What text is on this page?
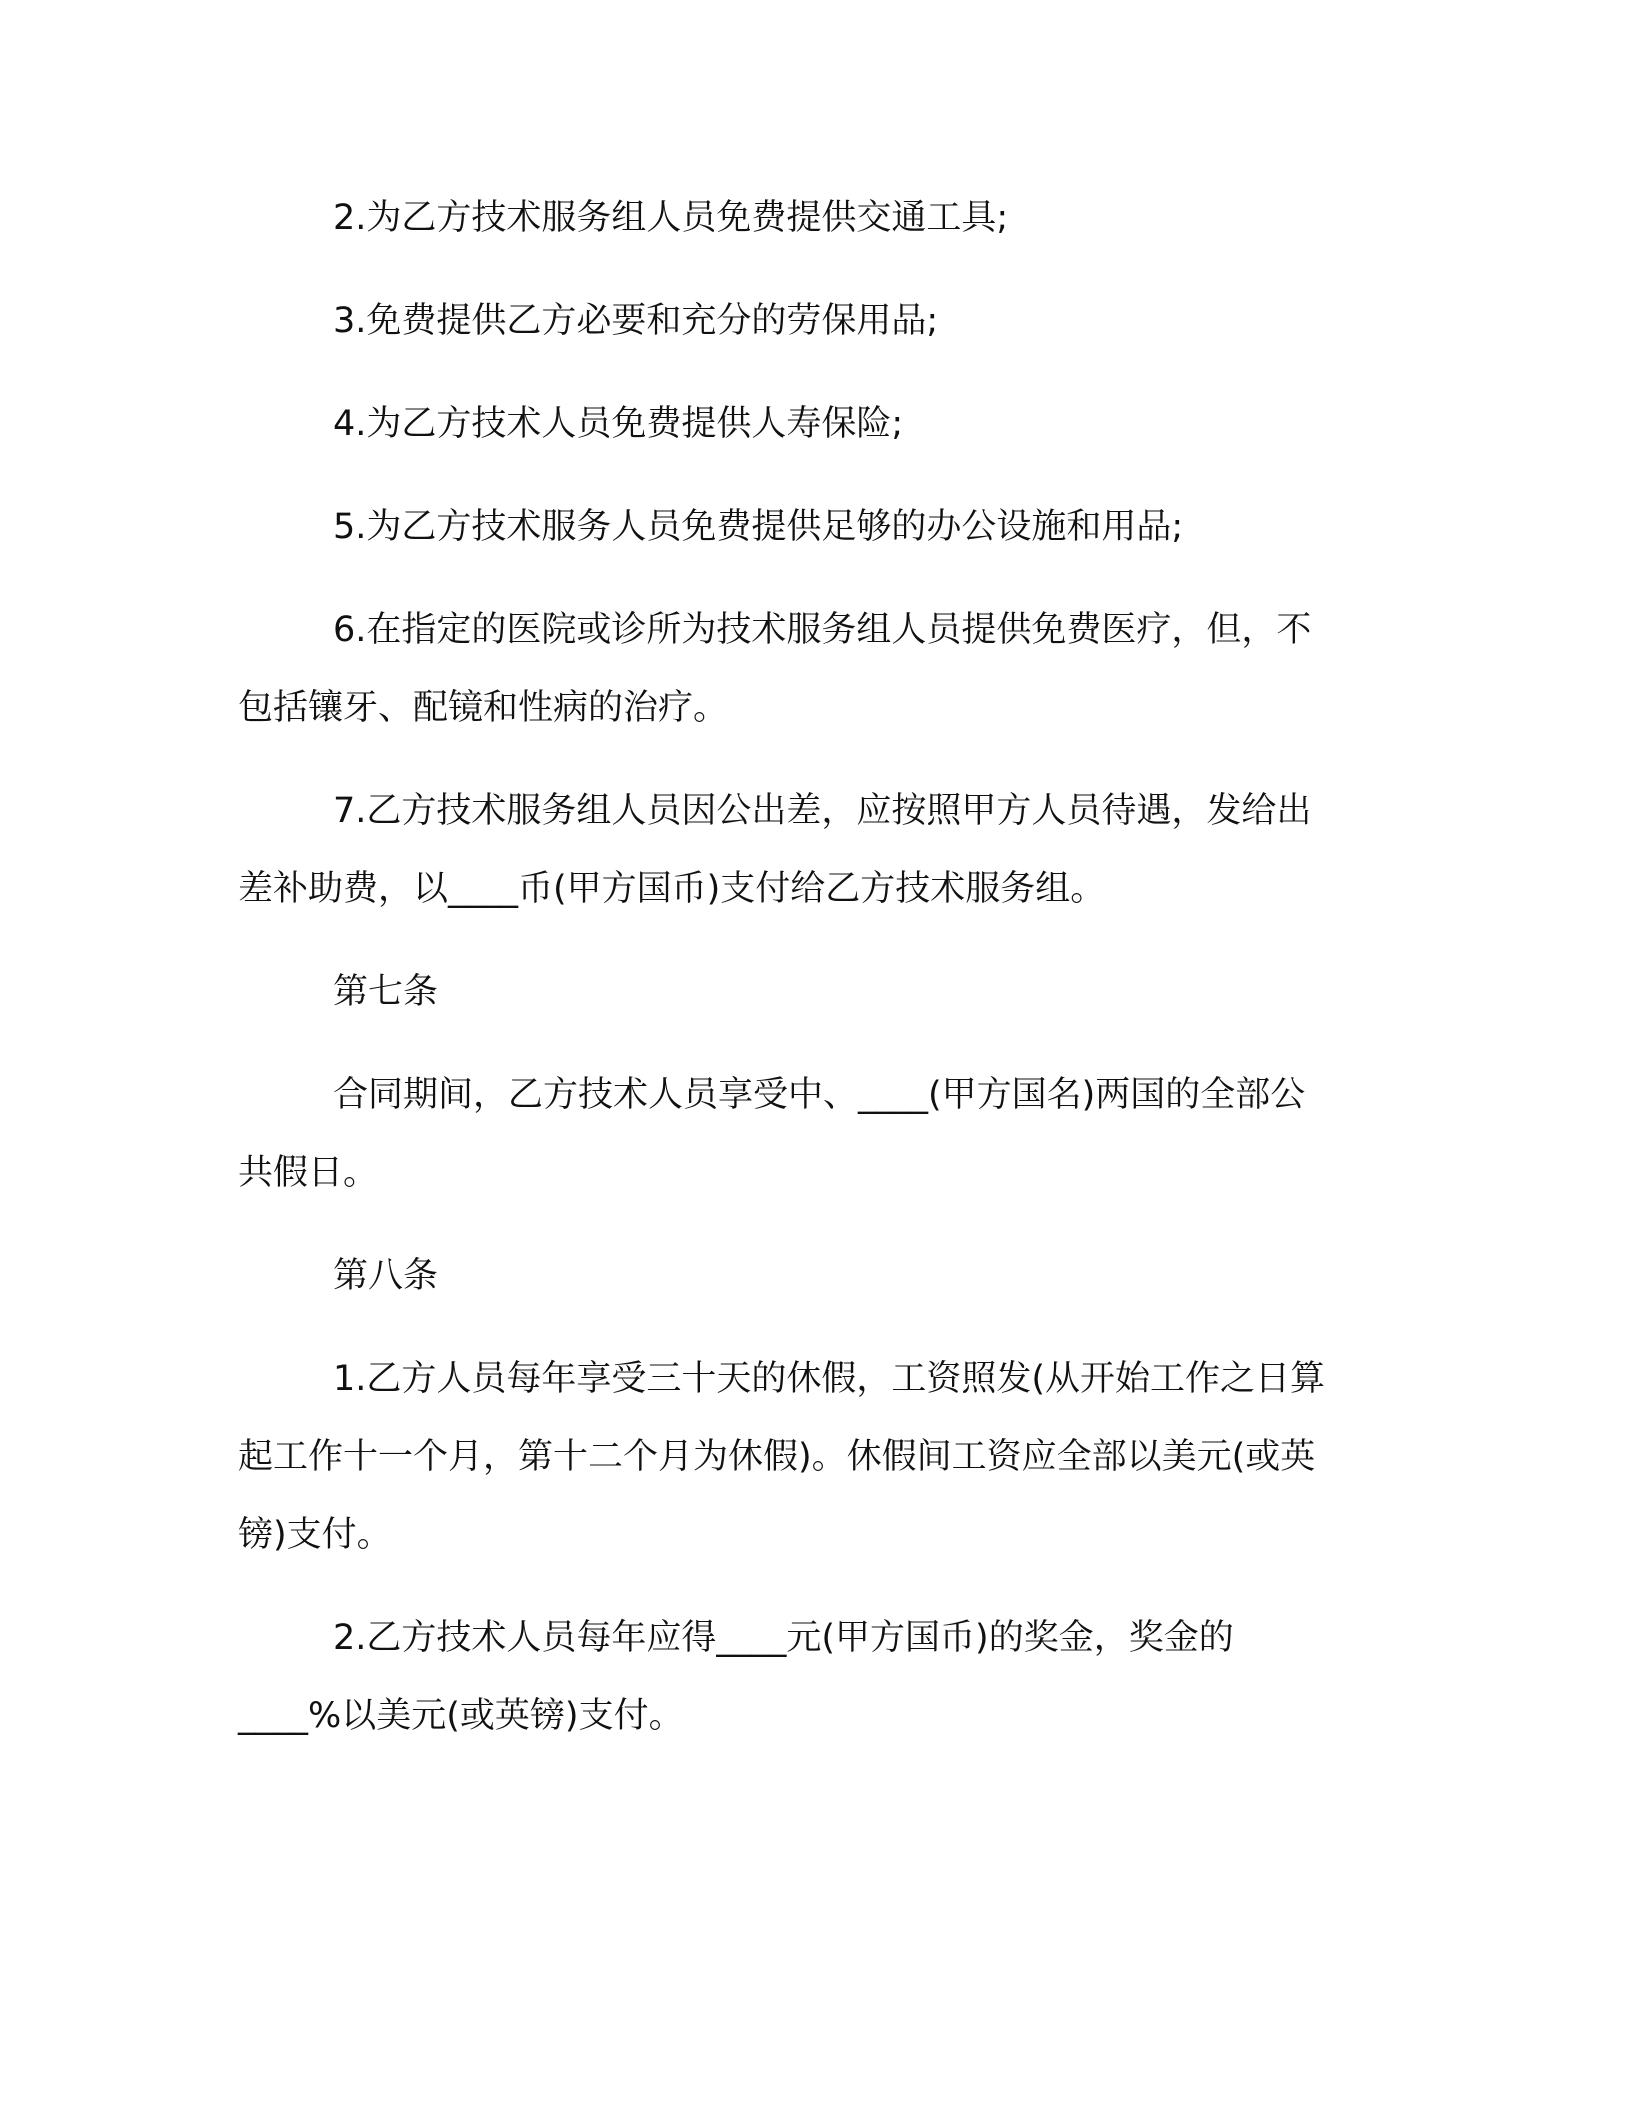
2.为乙方技术服务组人员免费提供交通工具;
3.免费提供乙方必要和充分的劳保用品;
4.为乙方技术人员免费提供人寿保险;
5.为乙方技术服务人员免费提供足够的办公设施和用品;
6.在指定的医院或诊所为技术服务组人员提供免费医疗，但，不
包括镶牙、配镜和性病的治疗。
7.乙方技术服务组人员因公出差，应按照甲方人员待遇，发给出
差补助费，以____币(甲方国币)支付给乙方技术服务组。
第七条
合同期间，乙方技术人员享受中、____(甲方国名)两国的全部公
共假日。
第八条
1.乙方人员每年享受三十天的休假，工资照发(从开始工作之日算
起工作十一个月，第十二个月为休假)。休假间工资应全部以美元(或英
镑)支付。
2.乙方技术人员每年应得____元(甲方国币)的奖金，奖金的
____%以美元(或英镑)支付。
